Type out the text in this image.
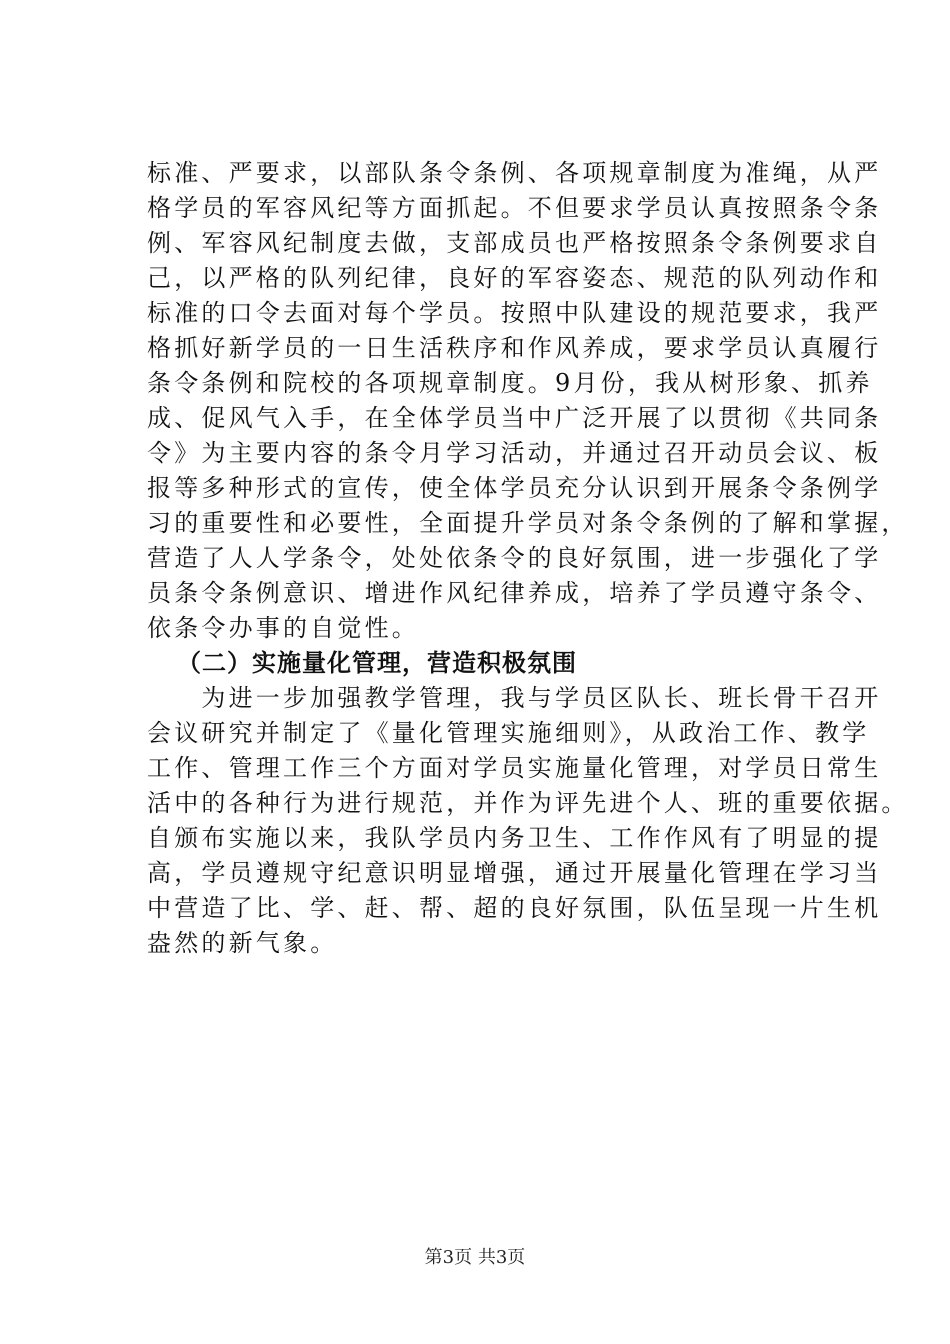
标准、严要求，以部队条令条例、各项规章制度为准绳，从严
格学员的军容风纪等方面抓起。不但要求学员认真按照条令条
例、军容风纪制度去做，支部成员也严格按照条令条例要求自
己，以严格的队列纪律，良好的军容姿态、规范的队列动作和
标准的口令去面对每个学员。按照中队建设的规范要求，我严
格抓好新学员的一日生活秩序和作风养成，要求学员认真履行
条令条例和院校的各项规章制度。9月份，我从树形象、抓养
成、促风气入手，在全体学员当中广泛开展了以贯彻《共同条
令》为主要内容的条令月学习活动，并通过召开动员会议、板
报等多种形式的宣传，使全体学员充分认识到开展条令条例学
习的重要性和必要性，全面提升学员对条令条例的了解和掌握，
营造了人人学条令，处处依条令的良好氛围，进一步强化了学
员条令条例意识、增进作风纪律养成，培养了学员遵守条令、
依条令办事的自觉性。
（二）实施量化管理，营造积极氛围
　　为进一步加强教学管理，我与学员区队长、班长骨干召开
会议研究并制定了《量化管理实施细则》，从政治工作、教学
工作、管理工作三个方面对学员实施量化管理，对学员日常生
活中的各种行为进行规范，并作为评先进个人、班的重要依据。
自颁布实施以来，我队学员内务卫生、工作作风有了明显的提
高，学员遵规守纪意识明显增强，通过开展量化管理在学习当
中营造了比、学、赶、帮、超的良好氛围，队伍呈现一片生机
盎然的新气象。
第3页 共3页
